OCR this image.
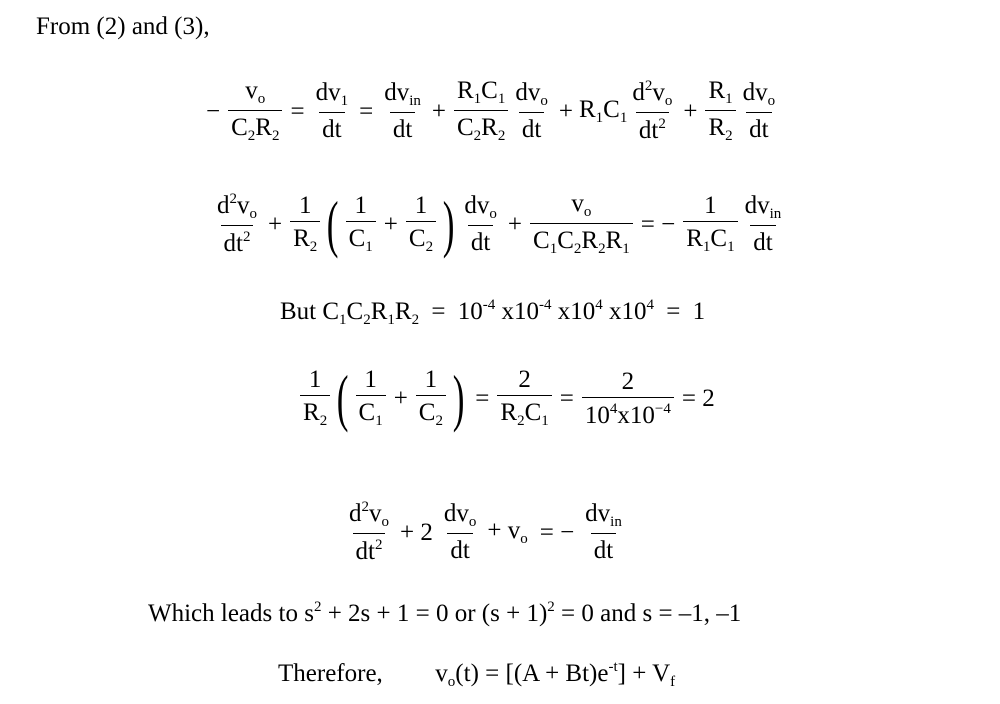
From (2) and (3),
− $\frac{v_o}{C_2R_2} = \frac{dv_1}{dt} = \frac{dv_{in}}{dt} + \frac{R_1C_1}{C_2R_2} \frac{dv_o}{dt} + R_1C_1 \frac{d^2v_o}{dt^2} + \frac{R_1}{R_2} \frac{dv_o}{dt}$
$\frac{d^2v_o}{dt^2} + \frac{1}{R_2}$ ( $\frac{1}{C_1} + \frac{1}{C_2}$ ) $\frac{dv_o}{dt} + \frac{v_o}{C_1C_2R_2R_1}$ = − $\frac{1}{R_1C_1} \frac{dv_{in}}{dt}$
But $C_1C_2R_1R_2 = 10^{-4}$ $x10^{-4}$ $x10^4$ $x10^4 = 1$
$\frac{1}{R_2}$ ( $\frac{1}{C_1} + \frac{1}{C_2}$ ) = $\frac{2}{R_2C_1} = \frac{2}{10^4x10^{-4}} = 2$
$\frac{d^2v_o}{dt^2} + 2 \frac{dv_o}{dt} + v_o$ = − $\frac{dv_{in}}{dt}$
Which leads to $s^2 + 2s + 1 = 0$ or $(s + 1)^2 = 0$ and s = –1, –1
Therefore, $v_o(t) = [(A + Bt)e^{-t}] + V_f$
